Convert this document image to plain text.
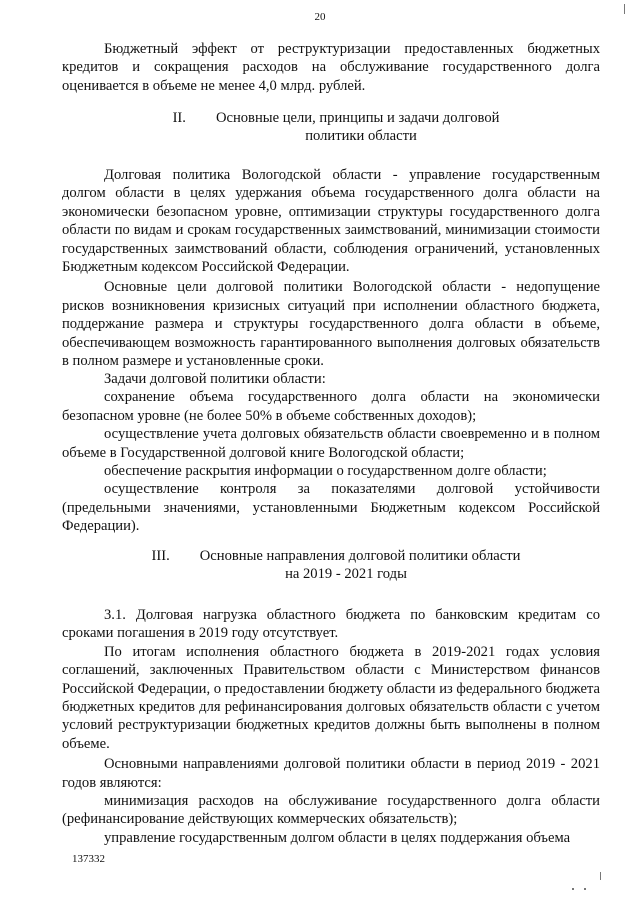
20

Бюджетный эффект от реструктуризации предоставленных бюджетных кредитов и сокращения расходов на обслуживание государственного долга оценивается в объеме не менее 4,0 млрд. рублей.

II. Основные цели, принципы и задачи долговой

политики области

Долговая политика Вологодской области - управление государственным долгом области в целях удержания объема государственного долга области на экономически безопасном уровне, оптимизации структуры государственного долга области по видам и срокам государственных заимствований, минимизации стоимости государственных заимствований области, соблюдения ограничений, установленных Бюджетным кодексом Российской Федерации.

Основные цели долговой политики Вологодской области - недопущение рисков возникновения кризисных ситуаций при исполнении областного бюджета, поддержание размера и структуры государственного долга области в объеме, обеспечивающем возможность гарантированного выполнения долговых обязательств в полном размере и установленные сроки.

Задачи долговой политики области:

сохранение объема государственного долга области на экономически безопасном уровне (не более 50% в объеме собственных доходов);

осуществление учета долговых обязательств области своевременно и в полном объеме в Государственной долговой книге Вологодской области;

обеспечение раскрытия информации о государственном долге области;

осуществление контроля за показателями долговой устойчивости (предельными значениями, установленными Бюджетным кодексом Российской Федерации).

III. Основные направления долговой политики области

на 2019 - 2021 годы

3.1. Долговая нагрузка областного бюджета по банковским кредитам со сроками погашения в 2019 году отсутствует.

По итогам исполнения областного бюджета в 2019-2021 годах условия соглашений, заключенных Правительством области с Министерством финансов Российской Федерации, о предоставлении бюджету области из федерального бюджета бюджетных кредитов для рефинансирования долговых обязательств области с учетом условий реструктуризации бюджетных кредитов должны быть выполнены в полном объеме.

Основными направлениями долговой политики области в период 2019 - 2021 годов являются:

минимизация расходов на обслуживание государственного долга области (рефинансирование действующих коммерческих обязательств);

управление государственным долгом области в целях поддержания объема

137332
